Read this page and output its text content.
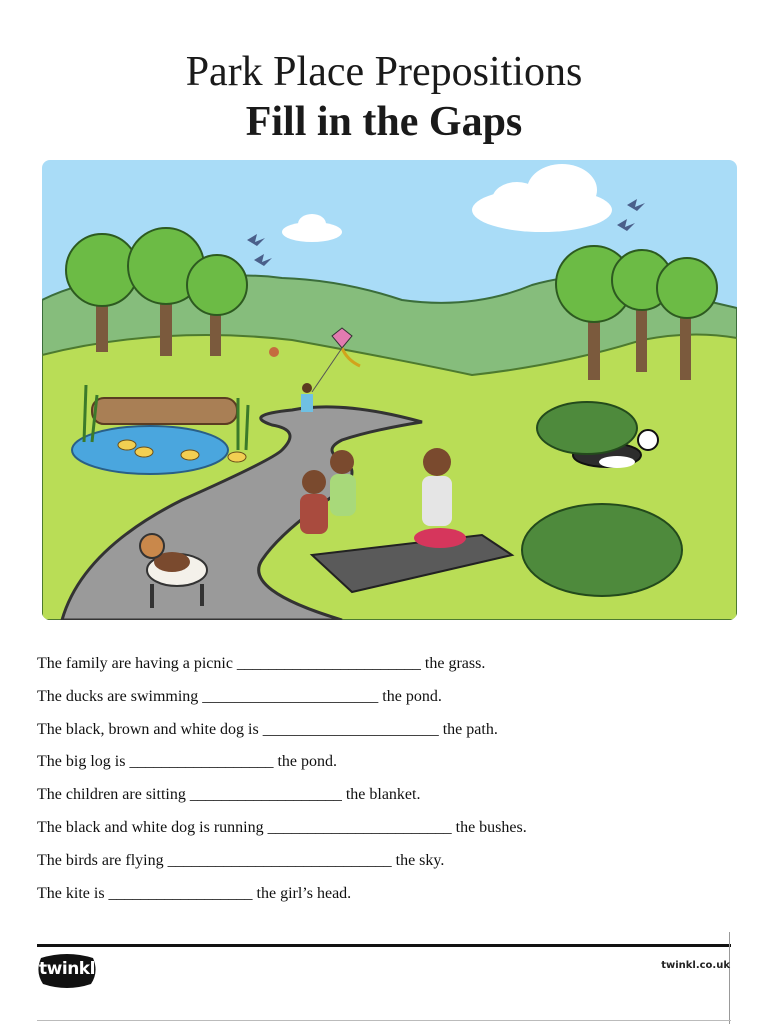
Park Place Prepositions
Fill in the Gaps
The family are having a picnic _______________________ the grass.
The ducks are swimming ______________________ the pond.
The black, brown and white dog is ______________________ the path.
The big log is __________________ the pond.
The children are sitting ___________________ the blanket.
The black and white dog is running _______________________ the bushes.
The birds are flying ____________________________ the sky.
The kite is __________________ the girl’s head.
twinkl	twinkl.co.uk
